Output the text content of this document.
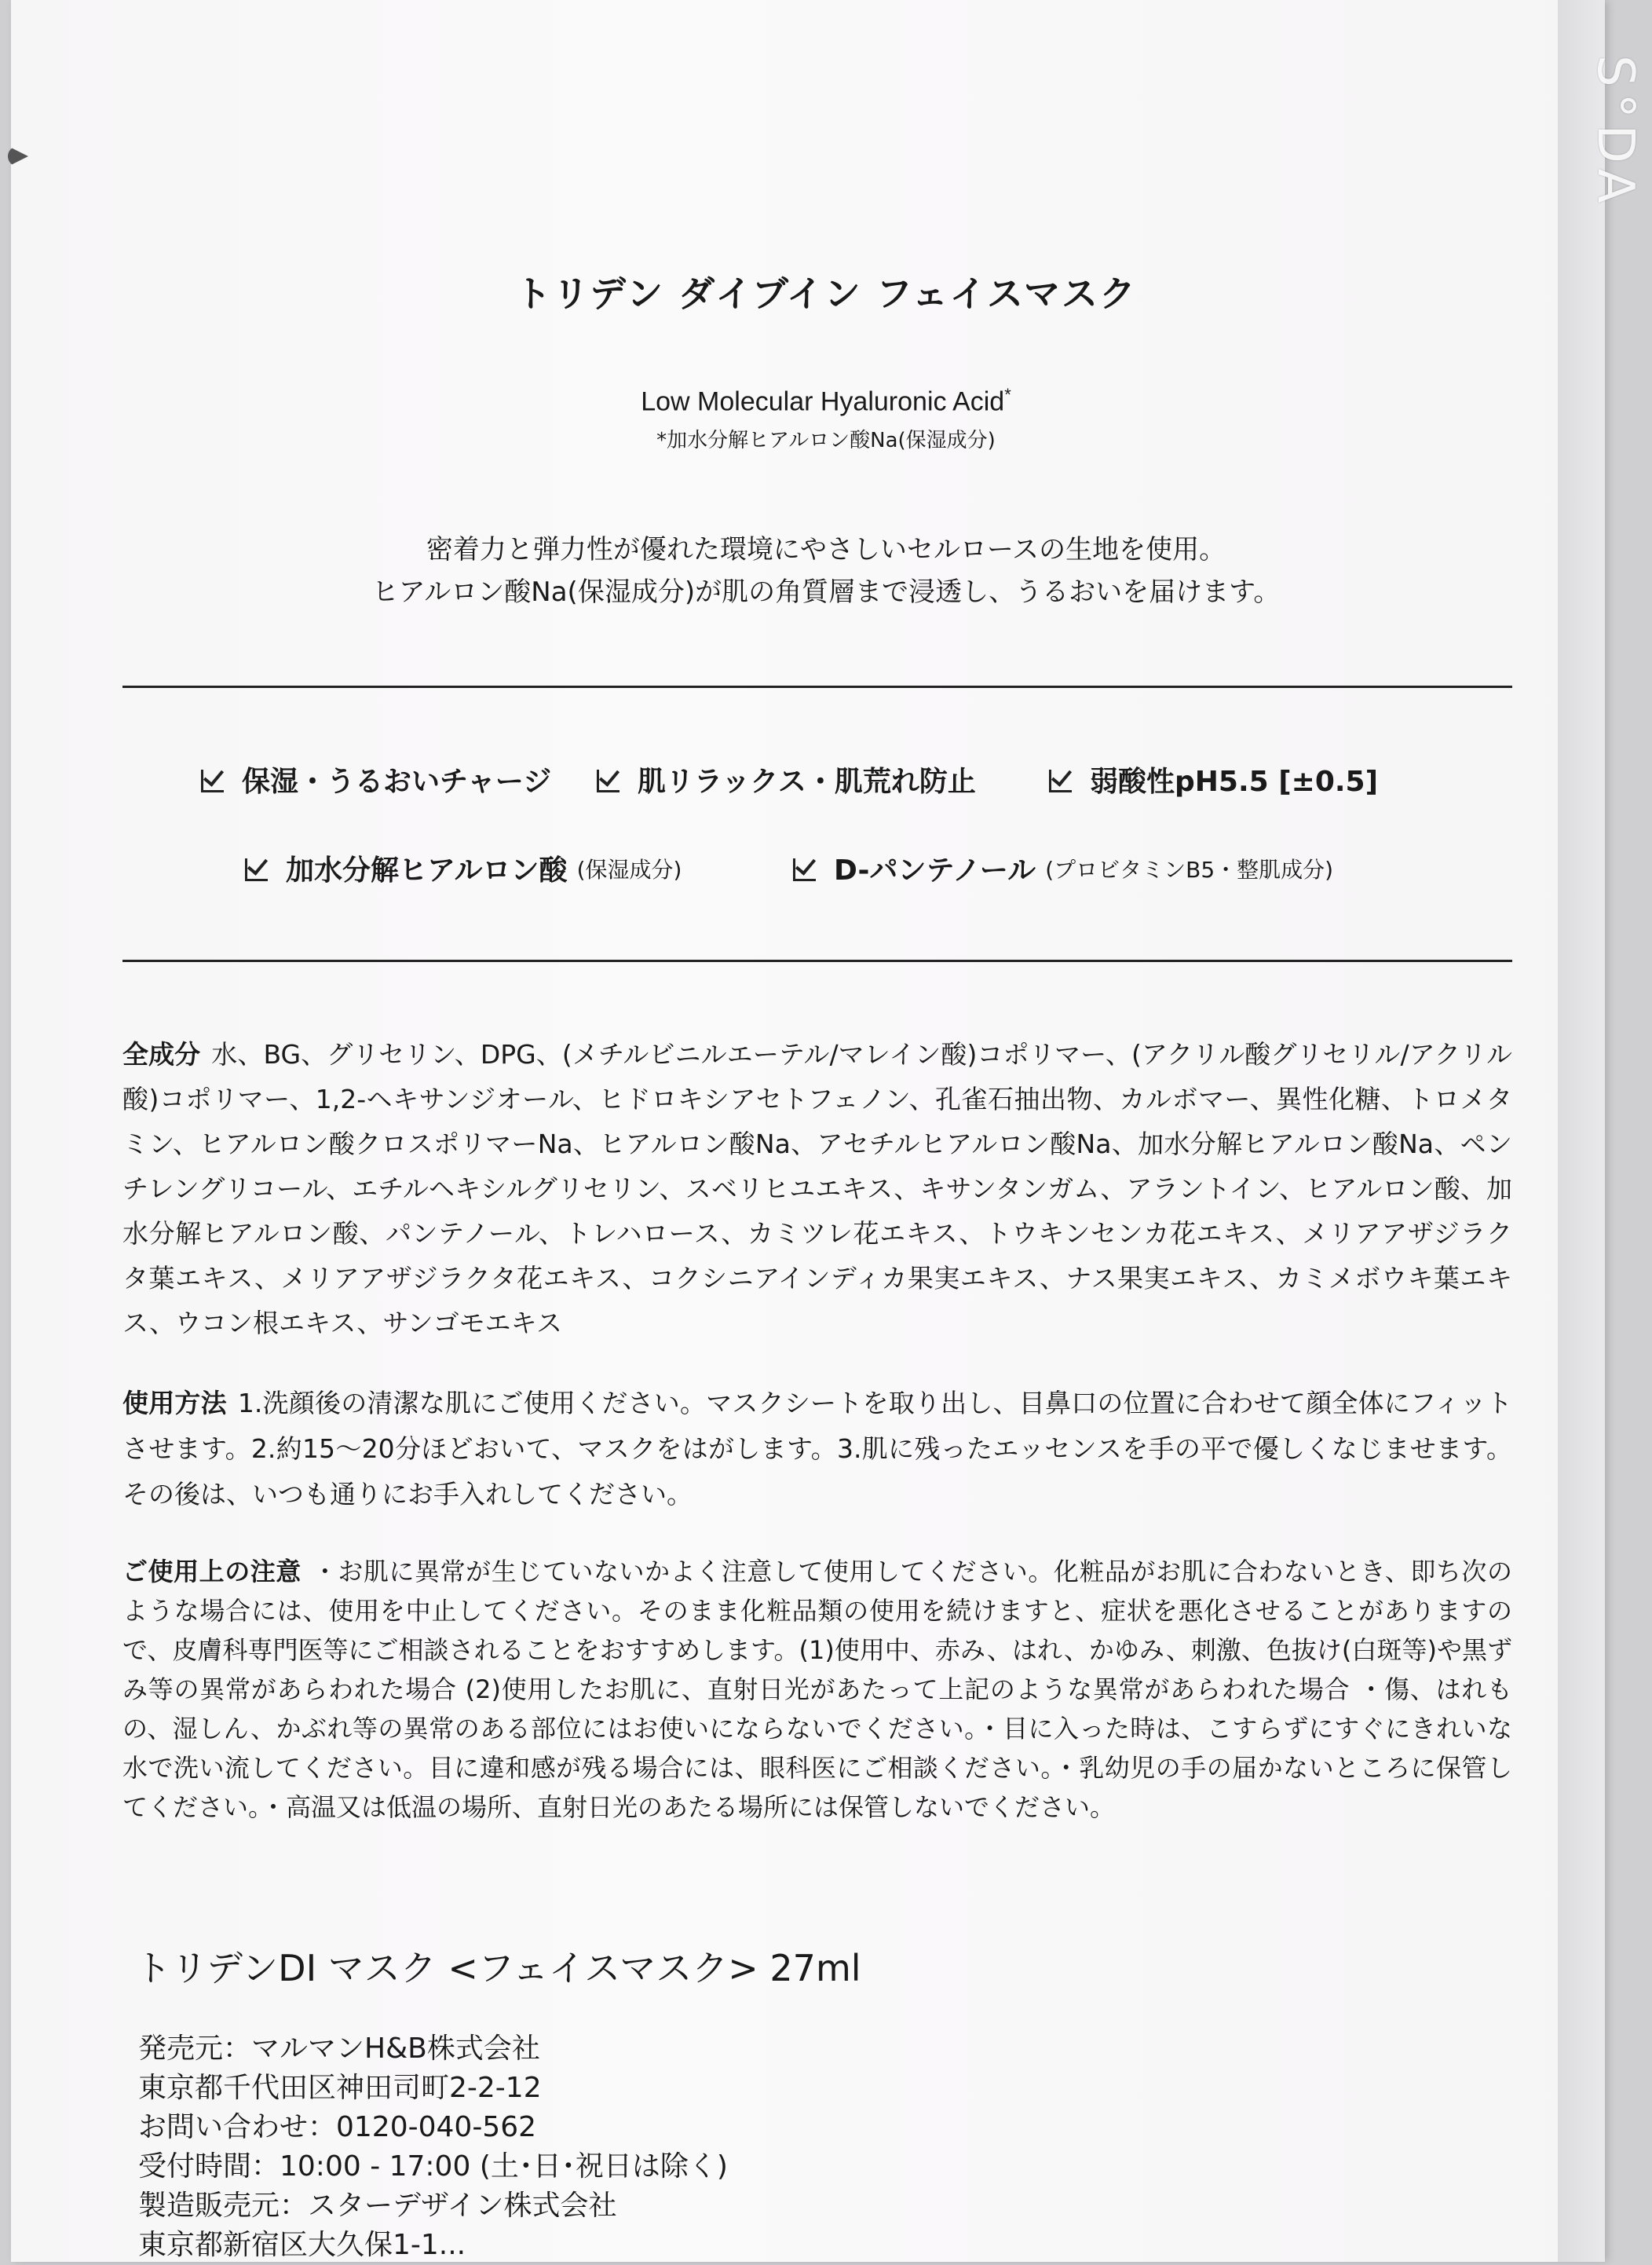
S°DA
トリデン ダイブイン フェイスマスク
Low Molecular Hyaluronic Acid*
*加水分解ヒアルロン酸Na(保湿成分)
密着力と弾力性が優れた環境にやさしいセルロースの生地を使用。
ヒアルロン酸Na(保湿成分)が肌の角質層まで浸透し、うるおいを届けます。
保湿・うるおいチャージ	肌リラックス・肌荒れ防止	弱酸性pH5.5 [±0.5]
加水分解ヒアルロン酸 (保湿成分)	D-パンテノール (プロビタミンB5・整肌成分)
全成分 水、BG、グリセリン、DPG、(メチルビニルエーテル/マレイン酸)コポリマー、(アクリル酸グリセリル/アクリル酸)コポリマー、1,2-ヘキサンジオール、ヒドロキシアセトフェノン、孔雀石抽出物、カルボマー、異性化糖、トロメタミン、ヒアルロン酸クロスポリマーNa、ヒアルロン酸Na、アセチルヒアルロン酸Na、加水分解ヒアルロン酸Na、ペンチレングリコール、エチルヘキシルグリセリン、スベリヒユエキス、キサンタンガム、アラントイン、ヒアルロン酸、加水分解ヒアルロン酸、パンテノール、トレハロース、カミツレ花エキス、トウキンセンカ花エキス、メリアアザジラクタ葉エキス、メリアアザジラクタ花エキス、コクシニアインディカ果実エキス、ナス果実エキス、カミメボウキ葉エキス、ウコン根エキス、サンゴモエキス
使用方法 1.洗顔後の清潔な肌にご使用ください。マスクシートを取り出し、目鼻口の位置に合わせて顔全体にフィットさせます。2.約15～20分ほどおいて、マスクをはがします。3.肌に残ったエッセンスを手の平で優しくなじませます。その後は、いつも通りにお手入れしてください。
ご使用上の注意 ・お肌に異常が生じていないかよく注意して使用してください。化粧品がお肌に合わないとき、即ち次のような場合には、使用を中止してください。そのまま化粧品類の使用を続けますと、症状を悪化させることがありますので、皮膚科専門医等にご相談されることをおすすめします。(1)使用中、赤み、はれ、かゆみ、刺激、色抜け(白斑等)や黒ずみ等の異常があらわれた場合 (2)使用したお肌に、直射日光があたって上記のような異常があらわれた場合 ・傷、はれもの、湿しん、かぶれ等の異常のある部位にはお使いにならないでください。・目に入った時は、こすらずにすぐにきれいな水で洗い流してください。目に違和感が残る場合には、眼科医にご相談ください。・乳幼児の手の届かないところに保管してください。・高温又は低温の場所、直射日光のあたる場所には保管しないでください。
トリデンDI マスク <フェイスマスク> 27ml
発売元：マルマンH&B株式会社
東京都千代田区神田司町2-2-12
お問い合わせ：0120-040-562
受付時間：10:00 - 17:00 (土･日･祝日は除く)
製造販売元：スターデザイン株式会社
東京都新宿区大久保1-1...
